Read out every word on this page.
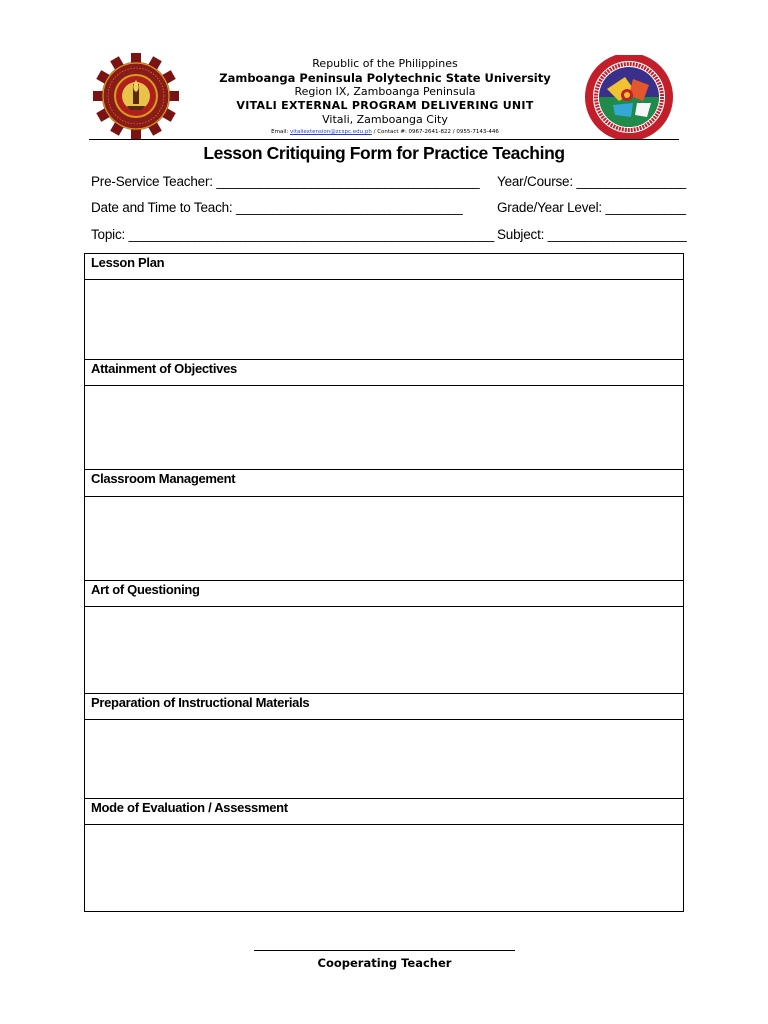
Republic of the Philippines
Zamboanga Peninsula Polytechnic State University
Region IX, Zamboanga Peninsula
VITALI EXTERNAL PROGRAM DELIVERING UNIT
Vitali, Zamboanga City
Email: vitaliextension@zcspc.edu.ph / Contact #: 0967-2641-822 / 0955-7143-446
Lesson Critiquing Form for Practice Teaching
Pre-Service Teacher: ____________________________________ Year/Course: _______________
Date and Time to Teach: _______________________________	Grade/Year Level: ___________
Topic: __________________________________________________ Subject: ___________________
Lesson Plan
Attainment of Objectives
Classroom Management
Art of Questioning
Preparation of Instructional Materials
Mode of Evaluation / Assessment
Cooperating Teacher
